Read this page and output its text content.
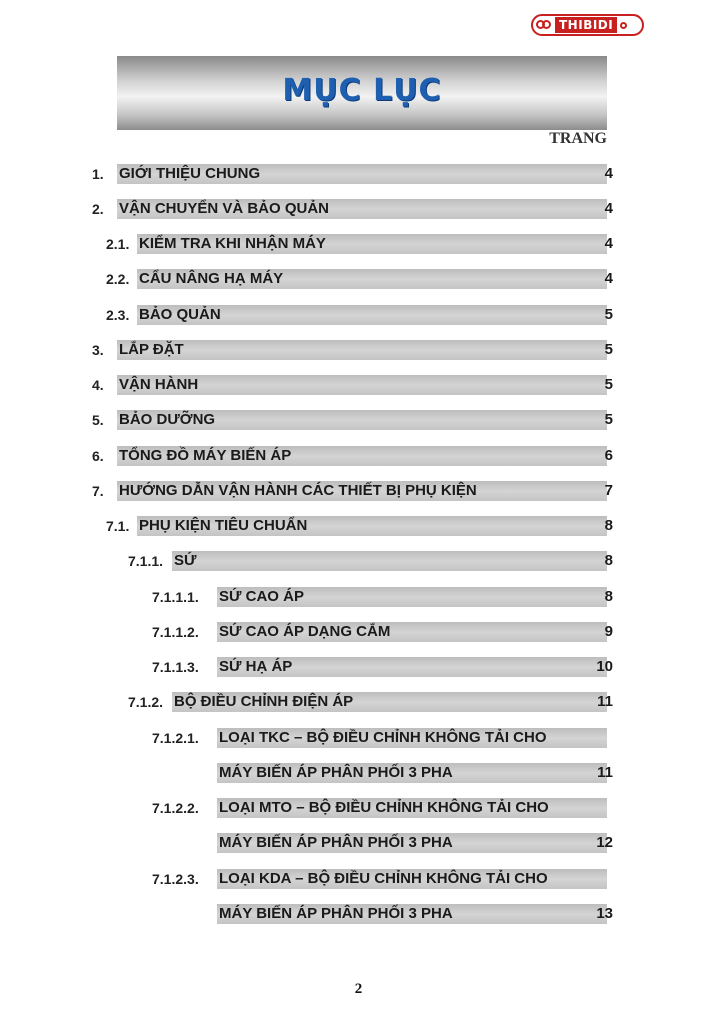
THIBIDI
MỤC LỤC
TRANG
1. GIỚI THIỆU CHUNG	4
2. VẬN CHUYỂN VÀ BẢO QUẢN	4
2.1. KIỂM TRA KHI NHẬN MÁY	4
2.2. CẨU NÂNG HẠ MÁY	4
2.3. BẢO QUẢN	5
3. LẮP ĐẶT	5
4. VẬN HÀNH	5
5. BẢO DƯỠNG	5
6. TỔNG ĐỒ MÁY BIẾN ÁP	6
7. HƯỚNG DẪN VẬN HÀNH CÁC THIẾT BỊ PHỤ KIỆN	7
7.1. PHỤ KIỆN TIÊU CHUẨN	8
7.1.1. SỨ	8
7.1.1.1. SỨ CAO ÁP	8
7.1.1.2. SỨ CAO ÁP DẠNG CẮM	9
7.1.1.3. SỨ HẠ ÁP	10
7.1.2. BỘ ĐIỀU CHỈNH ĐIỆN ÁP	11
7.1.2.1. LOẠI TKC – BỘ ĐIỀU CHỈNH KHÔNG TẢI CHO
MÁY BIẾN ÁP PHÂN PHỐI 3 PHA	11
7.1.2.2. LOẠI MTO – BỘ ĐIỀU CHỈNH KHÔNG TẢI CHO
MÁY BIẾN ÁP PHÂN PHỐI 3 PHA	12
7.1.2.3. LOẠI KDA – BỘ ĐIỀU CHỈNH KHÔNG TẢI CHO
MÁY BIẾN ÁP PHÂN PHỐI 3 PHA	13
2
